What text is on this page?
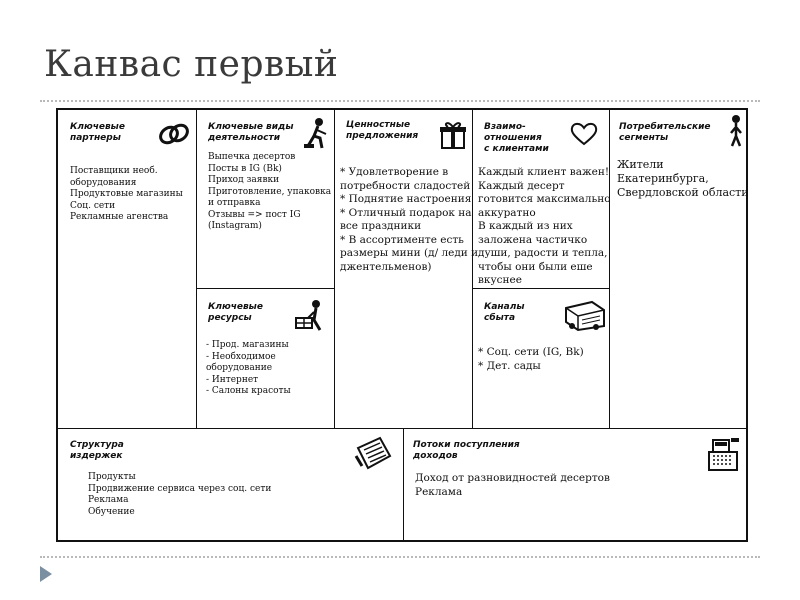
Канвас первый
Ключевые
партнеры
Поставщики необ.
оборудования
Продуктовые магазины
Соц. сети
Рекламные агенства
Ключевые виды
деятельности
Выпечка десертов
Посты в IG (Bk)
Приход заявки
Приготовление, упаковка
и отправка
Отзывы => пост IG
(Instagram)
Ключевые
ресурсы
- Прод. магазины
- Необходимое
оборудование
- Интернет
- Салоны красоты
Ценностные
предложения
* Удовлетворение в
потребности сладостей
* Поднятие настроения
* Отличный подарок на
все праздники
* В ассортименте есть
размеры мини (д/ леди и
джентельменов)
Взаимо-
отношения
с клиентами
Каждый клиент важен!
Каждый десерт
готовится максимально
аккуратно
В каждый из них
заложена частичко
души, радости и тепла,
чтобы они были еше
вкуснее
Каналы
сбыта
* Соц. сети (IG, Bk)
* Дет. сады
Потребительские
сегменты
Жители
Екатеринбурга,
Свердловской области
Структура
издержек
Продукты
Продвижение сервиса через соц. сети
Реклама
Обучение
Потоки поступления
доходов
Доход от разновидностей десертов
Реклама
